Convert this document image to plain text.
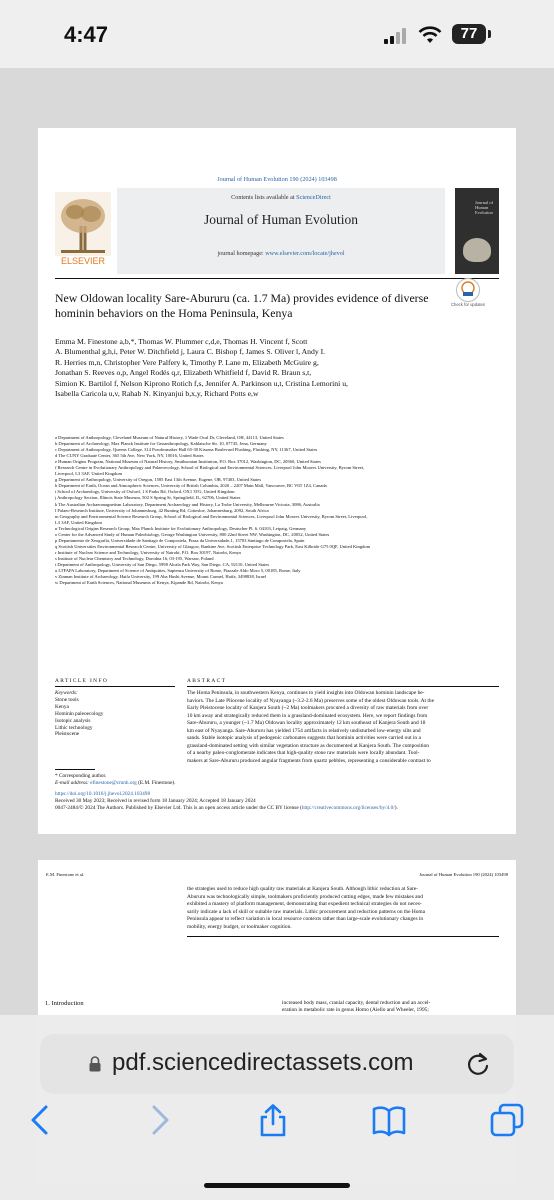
4:47	77
Journal of Human Evolution 190 (2024) 103498
ELSEVIER
Contents lists available at ScienceDirect
Journal of Human Evolution
journal homepage: www.elsevier.com/locate/jhevol
Journal of Human Evolution
Check for updates
New Oldowan locality Sare-Abururu (ca. 1.7 Ma) provides evidence of diverse hominin behaviors on the Homa Peninsula, Kenya
Emma M. Finestone a,b,*, Thomas W. Plummer c,d,e, Thomas H. Vincent f, Scott
A. Blumenthal g,h,i, Peter W. Ditchfield j, Laura C. Bishop f, James S. Oliver l, Andy I.
R. Herries m,n, Christopher Vere Palfery k, Timothy P. Lane m, Elizabeth McGuire g,
Jonathan S. Reeves o,p, Angel Rodés q,r, Elizabeth Whitfield f, David R. Braun s,t,
Simion K. Bartilol f, Nelson Kiprono Rotich f,s, Jennifer A. Parkinson u,t, Cristina Lemorini u,
Isabella Caricola u,v, Rahab N. Kinyanjui b,x,y, Richard Potts e,w
a Department of Anthropology, Cleveland Museum of Natural History, 1 Wade Oval Dr, Cleveland, OH, 44113, United States
b Department of Archaeology, Max Planck Institute for Geoanthropology, Kahlaische Str. 10, 07745, Jena, Germany
c Department of Anthropology, Queens College, 314 Powdermaker Hall 65-30 Kissena Boulevard Flushing, Flushing, NY, 11367, United States
d The CUNY Graduate Center, 365 5th Ave, New York, NY, 10016, United States
e Human Origins Program, National Museum of Natural History, Smithsonian Institution, P.O. Box 37012, Washington, DC, 20560, United States
f Research Centre in Evolutionary Anthropology and Palaeoecology, School of Biological and Environmental Sciences, Liverpool John Moores University, Byrom Street,
Liverpool, L3 3AF, United Kingdom
g Department of Anthropology, University of Oregon, 1585 East 13th Avenue, Eugene, OR, 97403, United States
h Department of Earth, Ocean and Atmospheric Sciences, University of British Columbia, 2020 – 2207 Main Mall, Vancouver, BC V6T 1Z4, Canada
i School of Archaeology, University of Oxford, 1 S Parks Rd, Oxford, OX1 3TG, United Kingdom
j Anthropology Section, Illinois State Museum, 502 S Spring St, Springfield, IL, 62706, United States
k The Australian Archaeomagnetism Laboratory, Department Archaeology and History, La Trobe University, Melbourne Victoria, 3086, Australia
l Palaeo-Research Institute, University of Johannesburg, 42 Bunting Rd, Cottesloe, Johannesburg, 2092, South Africa
m Geography and Environmental Science Research Group, School of Biological and Environmental Sciences, Liverpool John Moores University, Byrom Street, Liverpool,
L3 3AF, United Kingdom
n Technological Origins Research Group, Max Planck Institute for Evolutionary Anthropology, Deutscher Pl. 6, 04103, Leipzig, Germany
o Center for the Advanced Study of Human Paleobiology, George Washington University, 800 22nd Street NW, Washington, DC, 20052, United States
p Departamento de Xeografía, Universidade de Santiago de Compostela, Praza da Universidade,1, 15703 Santiago de Compostela, Spain
q Scottish Universities Environmental Research Centre, University of Glasgow, Rankine Ave, Scottish Enterprise Technology Park, East Kilbride G75 0QF, United Kingdom
r Institute of Nuclear Science and Technology, University of Nairobi, P.O. Box 30197, Nairobi, Kenya
s Institute of Nuclear Chemistry and Technology, Dorodna 16, 03-195, Warsaw, Poland
t Department of Anthropology, University of San Diego, 5998 Alcala Park Way, San Diego, CA, 92110, United States
u LTFAPA Laboratory, Department of Science of Antiquities, Sapienza University of Rome, Piazzale Aldo Moro 5, 00185, Rome, Italy
v Zinman Institute of Archaeology, Haifa University, 199 Aba Hushi Avenue, Mount Carmel, Haifa, 3498838, Israel
w Department of Earth Sciences, National Museums of Kenya, Kipande Rd, Nairobi, Kenya
ARTICLE INFO	ABSTRACT
Keywords:
Stone tools
Kenya
Hominin paleoecology
Isotopic analysis
Lithic technology
Pleistocene
The Homa Peninsula, in southwestern Kenya, continues to yield insights into Oldowan hominin landscape be-
haviors. The Late Pliocene locality of Nyayanga (~3.2-2.6 Ma) preserves some of the oldest Oldowan tools. At the
Early Pleistocene locality of Kanjera South (~2 Ma) toolmakers procured a diversity of raw materials from over
10 km away and strategically reduced them in a grassland-dominated ecosystem. Here, we report findings from
Sare-Abururu, a younger (~1.7 Ma) Oldowan locality approximately 12 km southeast of Kanjera South and 18
km east of Nyayanga. Sare-Abururu has yielded 1754 artifacts in relatively undisturbed low-energy silts and
sands. Stable isotopic analysis of pedogenic carbonates suggests that hominin activities were carried out in a
grassland-dominated setting with similar vegetation structure as documented at Kanjera South. The composition
of a nearby paleo-conglomerate indicates that high-quality stone raw materials were locally abundant. Tool-
makers at Sare-Abururu produced angular fragments from quartz pebbles, representing a considerable contrast to
* Corresponding author.
E-mail address: efinestone@cmnh.org (E.M. Finestone).
https://doi.org/10.1016/j.jhevol.2024.103498
Received 30 May 2023; Received in revised form 18 January 2024; Accepted 18 January 2024
0047-2484/© 2024 The Authors. Published by Elsevier Ltd. This is an open access article under the CC BY license (http://creativecommons.org/licenses/by/4.0/).
E.M. Finestone et al.	Journal of Human Evolution 190 (2024) 103498
the strategies used to reduce high quality raw materials at Kanjera South. Although lithic reduction at Sare-
Abururu was technologically simple, toolmakers proficiently produced cutting edges, made few mistakes and
exhibited a mastery of platform management, demonstrating that expedient technical strategies do not neces-
sarily indicate a lack of skill or suitable raw materials. Lithic procurement and reduction patterns on the Homa
Peninsula appear to reflect variation in local resource contexts rather than large-scale evolutionary changes in
mobility, energy budget, or toolmaker cognition.
1. Introduction	increased body mass, cranial capacity, dental reduction and an accel-
eration in metabolic rate in genus Homo (Aiello and Wheeler, 1995;
pdf.sciencedirectassets.com
